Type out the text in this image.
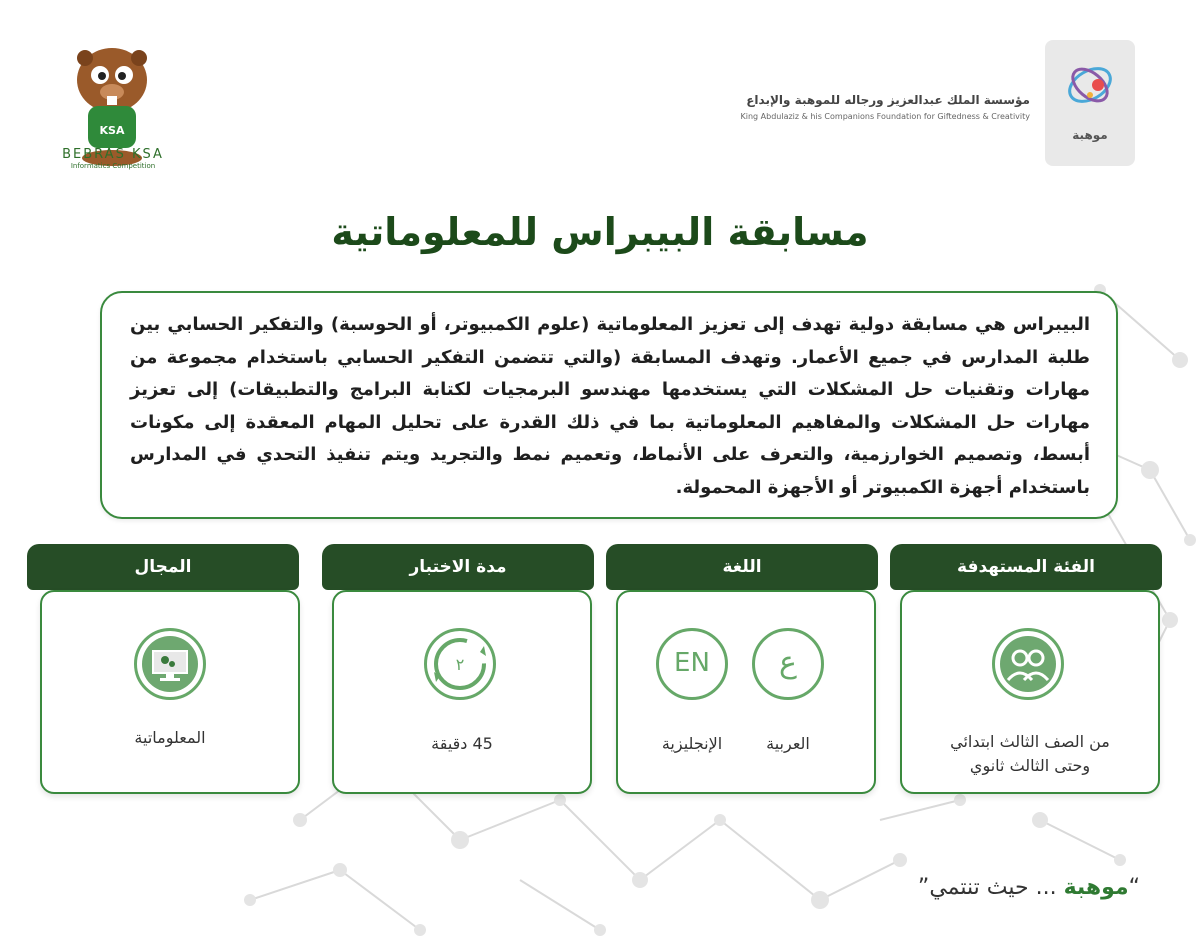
KSA
BEBRAS KSA
Informatics Competition
مؤسسة الملك عبدالعزيز ورجاله للموهبة والإبداع
King Abdulaziz & his Companions Foundation for Giftedness & Creativity
موهبة
مسابقة البيبراس للمعلوماتية

البيبراس هي مسابقة دولية تهدف إلى تعزيز المعلوماتية (علوم الكمبيوتر، أو الحوسبة) والتفكير الحسابي بين طلبة المدارس في جميع الأعمار. وتهدف المسابقة (والتي تتضمن التفكير الحسابي باستخدام مجموعة من مهارات وتقنيات حل المشكلات التي يستخدمها مهندسو البرمجيات لكتابة البرامج والتطبيقات) إلى تعزيز مهارات حل المشكلات والمفاهيم المعلوماتية بما في ذلك القدرة على تحليل المهام المعقدة إلى مكونات أبسط، وتصميم الخوارزمية، والتعرف على الأنماط، وتعميم نمط والتجريد ويتم تنفيذ التحدي في المدارس باستخدام أجهزة الكمبيوتر أو الأجهزة المحمولة.

الفئة المستهدفة
من الصف الثالث ابتدائي
وحتى الثالث ثانوي
اللغة
ع
EN
العربية
الإنجليزية
مدة الاختبار
٢
45 دقيقة
المجال
المعلوماتية
“موهبة ... حيث تنتمي”
